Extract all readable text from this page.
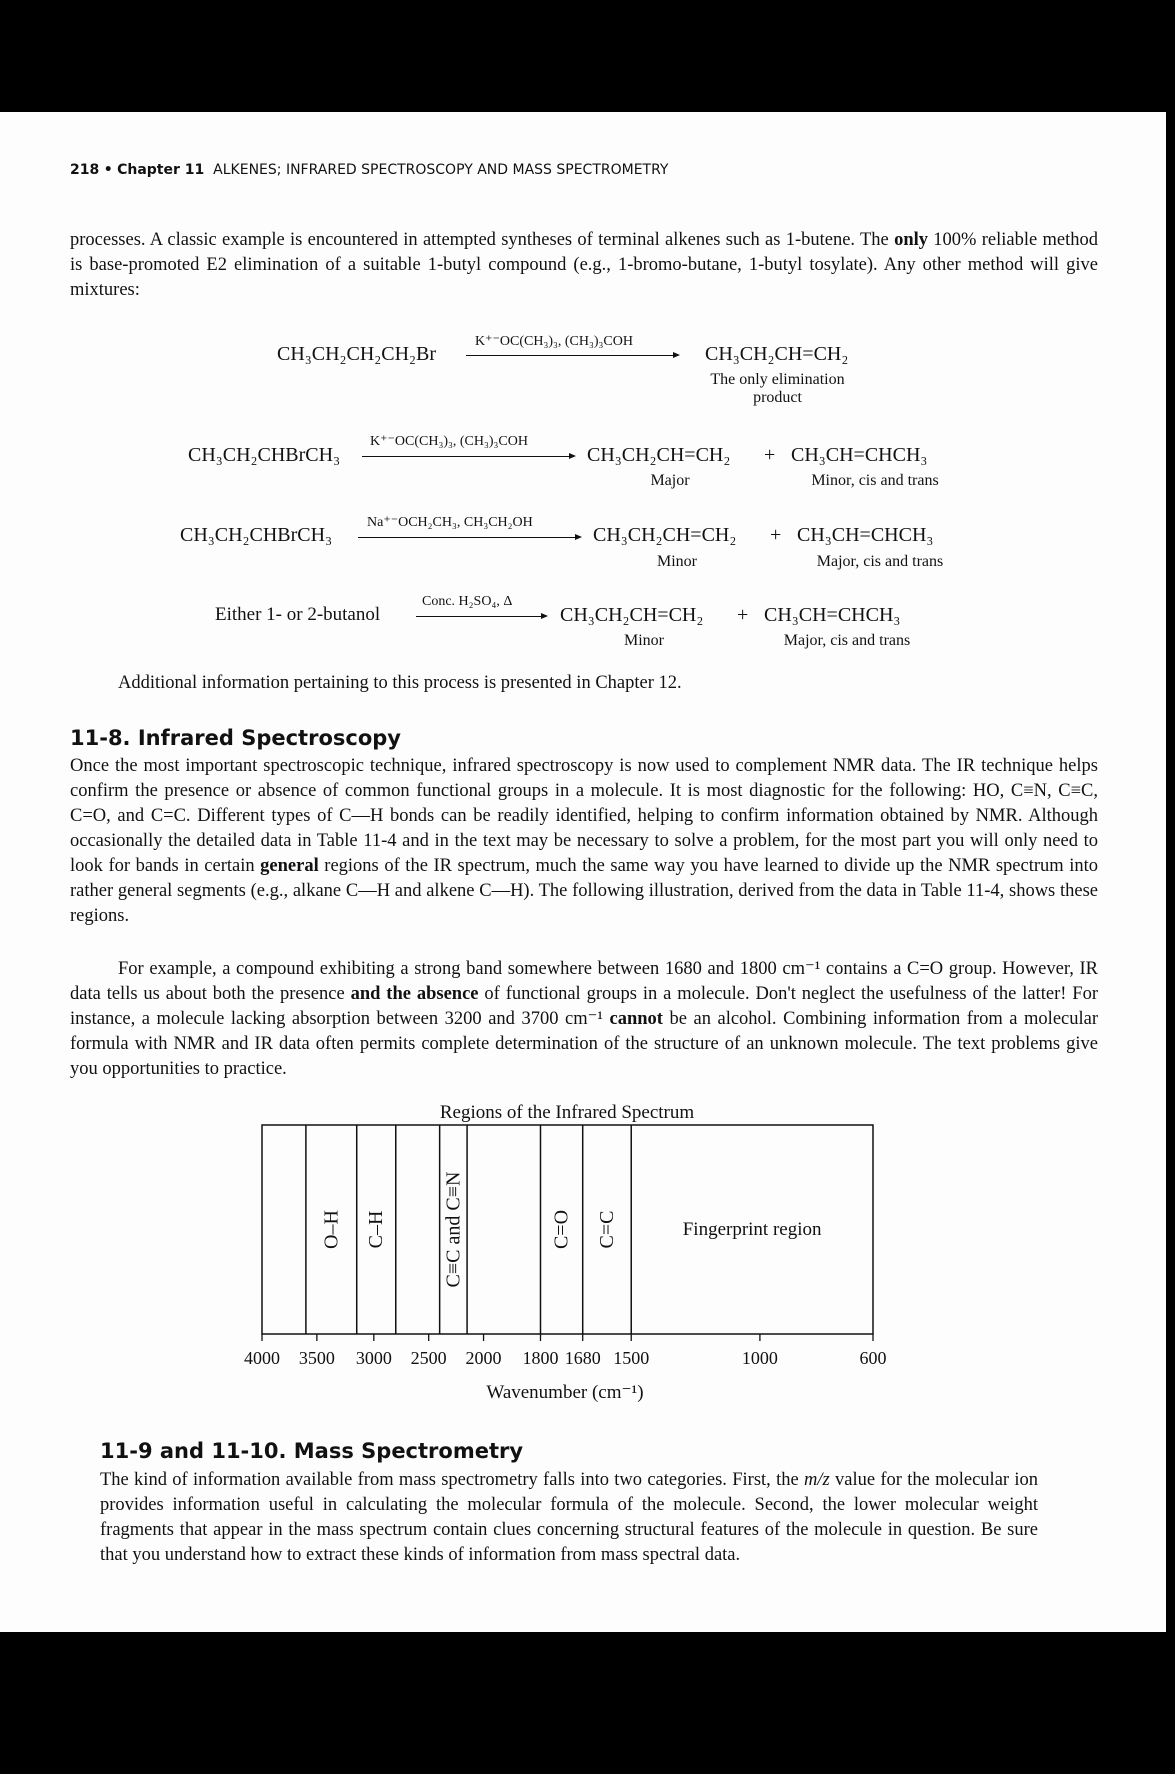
218 • Chapter 11 ALKENES; INFRARED SPECTROSCOPY AND MASS SPECTROMETRY
processes. A classic example is encountered in attempted syntheses of terminal alkenes such as 1-butene. The only 100% reliable method is base-promoted E2 elimination of a suitable 1-butyl compound (e.g., 1-bromo-butane, 1-butyl tosylate). Any other method will give mixtures:
CH₃CH₂CH₂CH₂Br
K⁺⁻OC(CH₃)₃, (CH₃)₃COH
CH₃CH₂CH=CH₂
The only elimination
product
CH₃CH₂CHBrCH₃
K⁺⁻OC(CH₃)₃, (CH₃)₃COH
CH₃CH₂CH=CH₂ + CH₃CH=CHCH₃
Major	Minor, cis and trans
CH₃CH₂CHBrCH₃
Na⁺⁻OCH₂CH₃, CH₃CH₂OH
CH₃CH₂CH=CH₂ + CH₃CH=CHCH₃
Minor	Major, cis and trans
Either 1- or 2-butanol
Conc. H₂SO₄, Δ
CH₃CH₂CH=CH₂ + CH₃CH=CHCH₃
Minor	Major, cis and trans
Additional information pertaining to this process is presented in Chapter 12.
11-8. Infrared Spectroscopy
Once the most important spectroscopic technique, infrared spectroscopy is now used to complement NMR data. The IR technique helps confirm the presence or absence of common functional groups in a molecule. It is most diagnostic for the following: HO, C≡N, C≡C, C=O, and C=C. Different types of C—H bonds can be readily identified, helping to confirm information obtained by NMR. Although occasionally the detailed data in Table 11-4 and in the text may be necessary to solve a problem, for the most part you will only need to look for bands in certain general regions of the IR spectrum, much the same way you have learned to divide up the NMR spectrum into rather general segments (e.g., alkane C—H and alkene C—H). The following illustration, derived from the data in Table 11-4, shows these regions.
For example, a compound exhibiting a strong band somewhere between 1680 and 1800 cm⁻¹ contains a C=O group. However, IR data tells us about both the presence and the absence of functional groups in a molecule. Don't neglect the usefulness of the latter! For instance, a molecule lacking absorption between 3200 and 3700 cm⁻¹ cannot be an alcohol. Combining information from a molecular formula with NMR and IR data often permits complete determination of the structure of an unknown molecule. The text problems give you opportunities to practice.
Regions of the Infrared Spectrum
Wavenumber (cm⁻¹)
4000 3500 3000 2500 2000 1800 1680 1500	1000	600
O–H C–H	C≡C and C≡N	C=O C=C	Fingerprint region
11-9 and 11-10. Mass Spectrometry
The kind of information available from mass spectrometry falls into two categories. First, the m/z value for the molecular ion provides information useful in calculating the molecular formula of the molecule. Second, the lower molecular weight fragments that appear in the mass spectrum contain clues concerning structural features of the molecule in question. Be sure that you understand how to extract these kinds of information from mass spectral data.
